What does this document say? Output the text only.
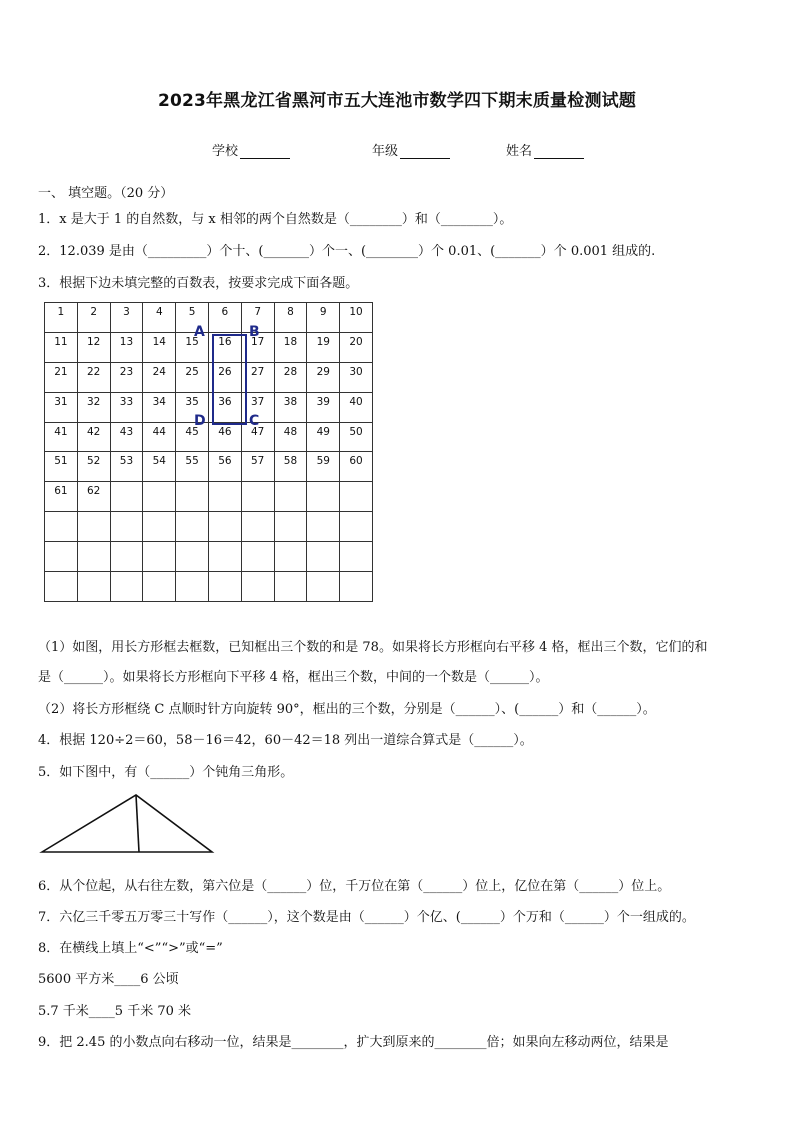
2023年黑龙江省黑河市五大连池市数学四下期末质量检测试题
学校	年级	姓名
一、 填空题。（20 分）
1．x 是大于 1 的自然数，与 x 相邻的两个自然数是（________）和（________）。
2．12.039 是由（_________）个十、(_______）个一、(________）个 0.01、(_______）个 0.001 组成的.
3．根据下边未填完整的百数表，按要求完成下面各题。
1	2	3	4	5	6	7	8	9	10

11	12	13	14	15	16	17	18	19	20

21	22	23	24	25	26	27	28	29	30

31	32	33	34	35	36	37	38	39	40

41	42	43	44	45	46	47	48	49	50

51	52	53	54	55	56	57	58	59	60

61	62								

A	B
D	C
（1）如图，用长方形框去框数，已知框出三个数的和是 78。如果将长方形框向右平移 4 格，框出三个数，它们的和
是（______）。如果将长方形框向下平移 4 格，框出三个数，中间的一个数是（______）。
（2）将长方形框绕 C 点顺时针方向旋转 90°，框出的三个数，分别是（______）、(______）和（______）。
4．根据 120÷2＝60，58－16＝42，60－42＝18 列出一道综合算式是（______）。
5．如下图中，有（______）个钝角三角形。
6．从个位起，从右往左数，第六位是（______）位，千万位在第（______）位上，亿位在第（______）位上。
7．六亿三千零五万零三十写作（______），这个数是由（______）个亿、(______）个万和（______）个一组成的。
8．在横线上填上“<”“>”或“=”
5600 平方米____6 公顷
5.7 千米____5 千米 70 米
9．把 2.45 的小数点向右移动一位，结果是________，扩大到原来的________倍；如果向左移动两位，结果是
